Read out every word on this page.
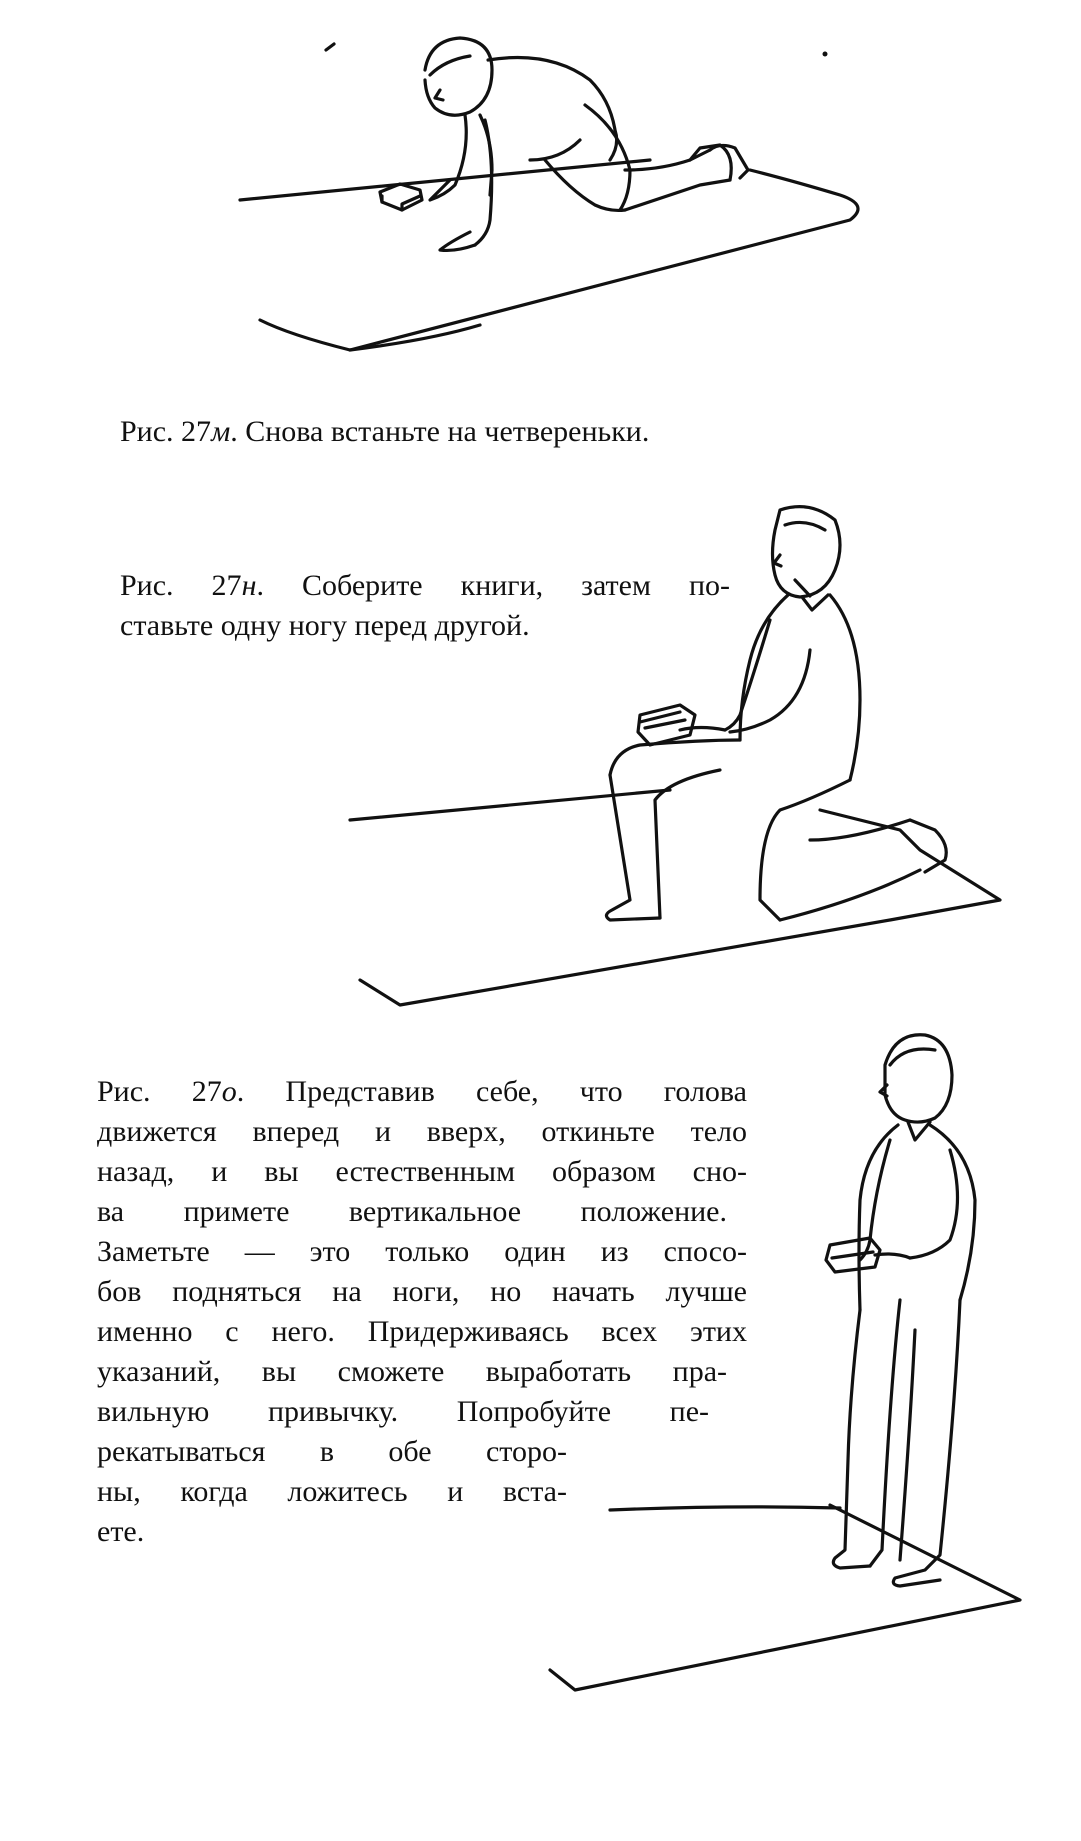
Рис. 27м. Снова встаньте на четвереньки.
Рис. 27н. Соберите книги, затем по-
ставьте одну ногу перед другой.
Рис. 27о. Представив себе, что голова
движется вперед и вверх, откиньте тело
назад, и вы естественным образом сно-
ва примете вертикальное положение.
Заметьте — это только один из спосо-
бов подняться на ноги, но начать лучше
именно с него. Придерживаясь всех этих
указаний, вы сможете выработать пра-
вильную привычку. Попробуйте пе-
рекатываться в обе сторо-
ны, когда ложитесь и вста-
ете.
